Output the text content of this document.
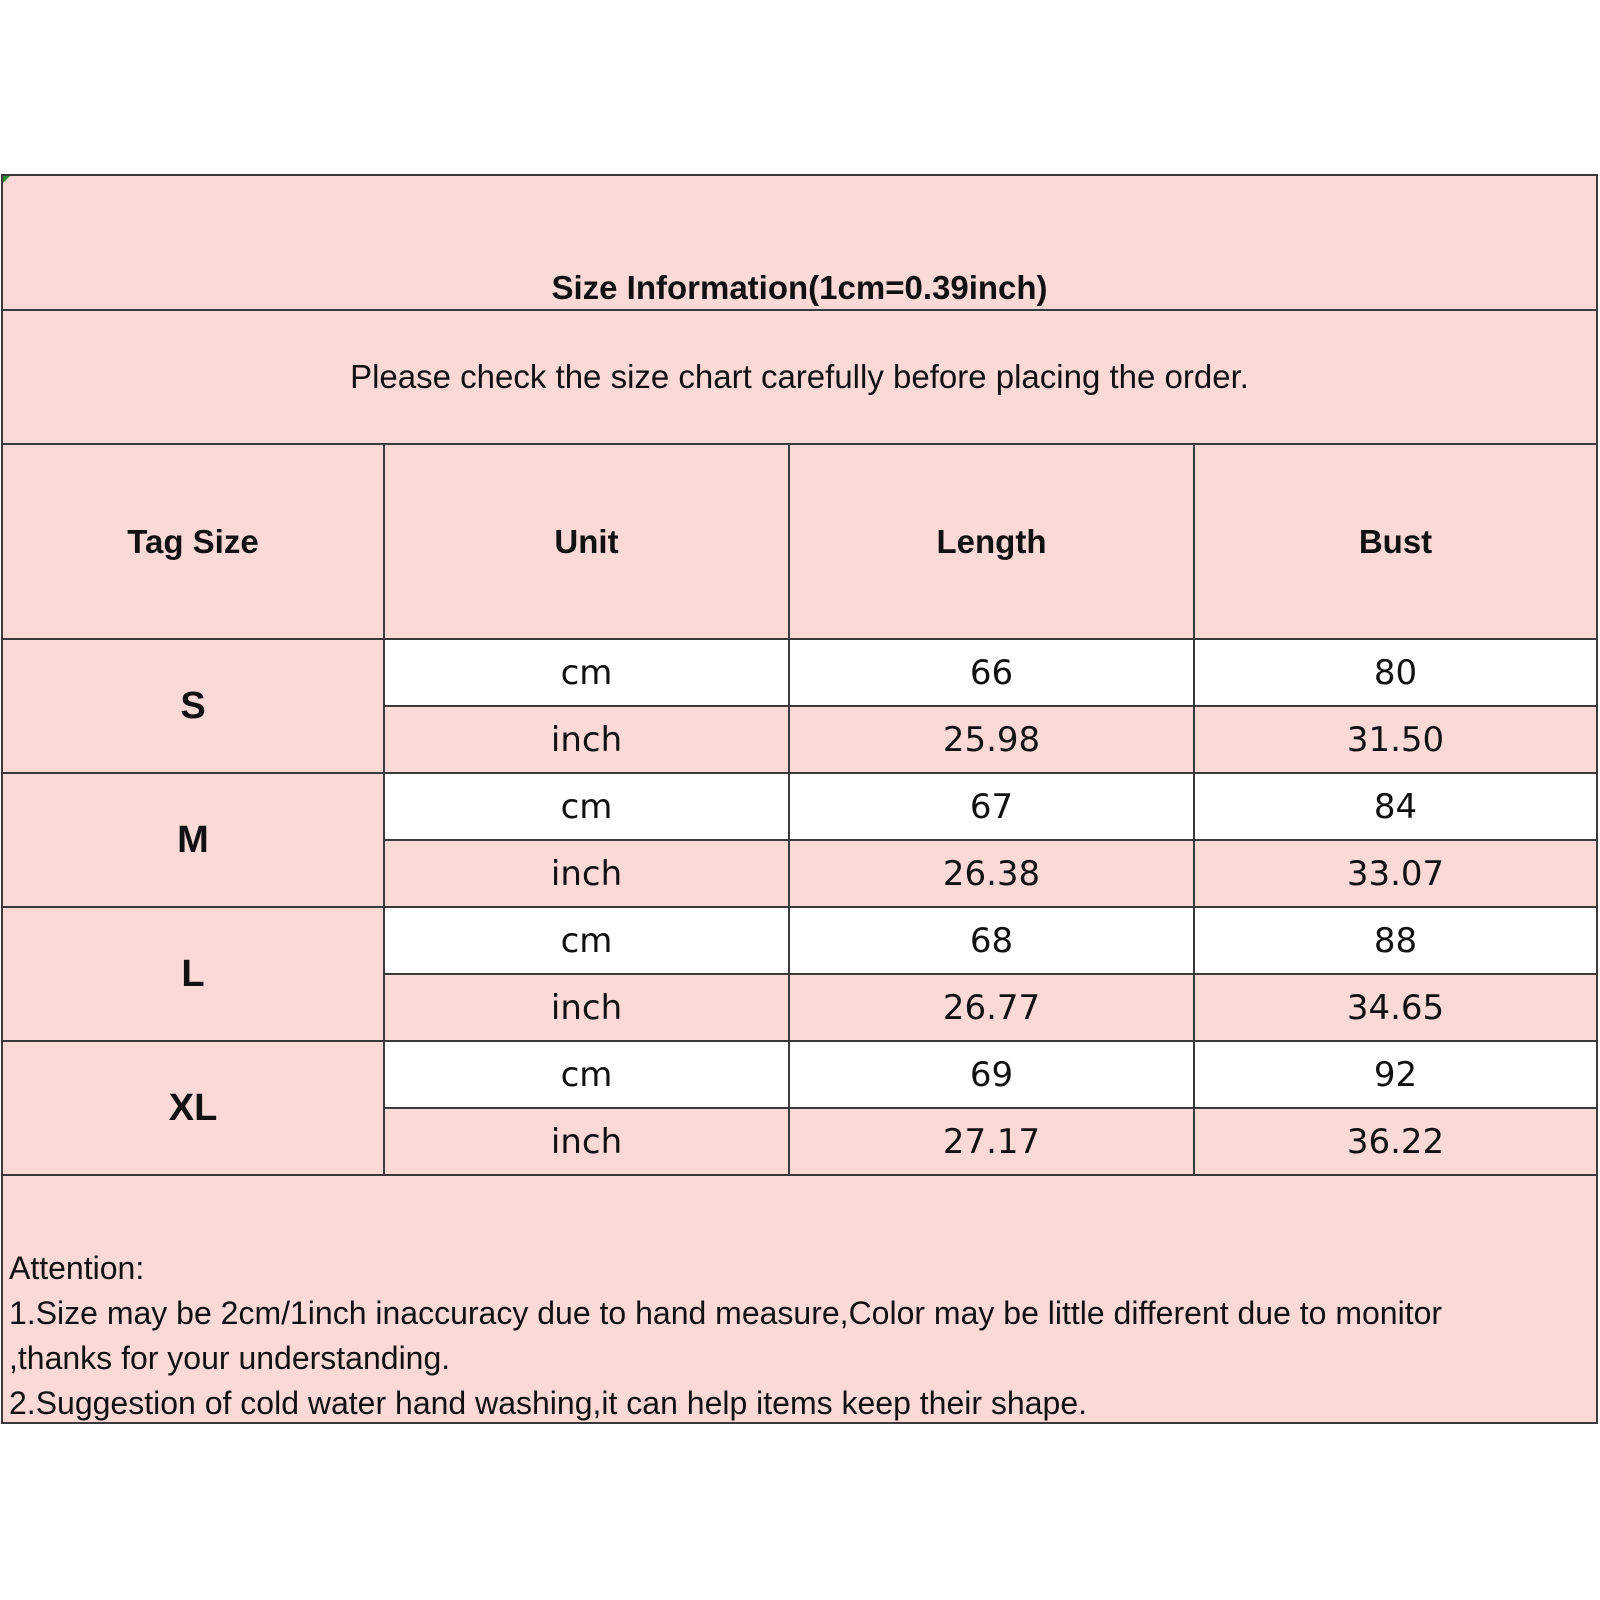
Size Information(1cm=0.39inch)
Please check the size chart carefully before placing the order.
Tag Size	Unit	Length	Bust
S	cm	66	80
	inch	25.98	31.50
M	cm	67	84
	inch	26.38	33.07
L	cm	68	88
	inch	26.77	34.65
XL	cm	69	92
	inch	27.17	36.22
Attention:
1.Size may be 2cm/1inch inaccuracy due to hand measure,Color may be little different due to monitor
,thanks for your understanding.
2.Suggestion of cold water hand washing,it can help items keep their shape.
